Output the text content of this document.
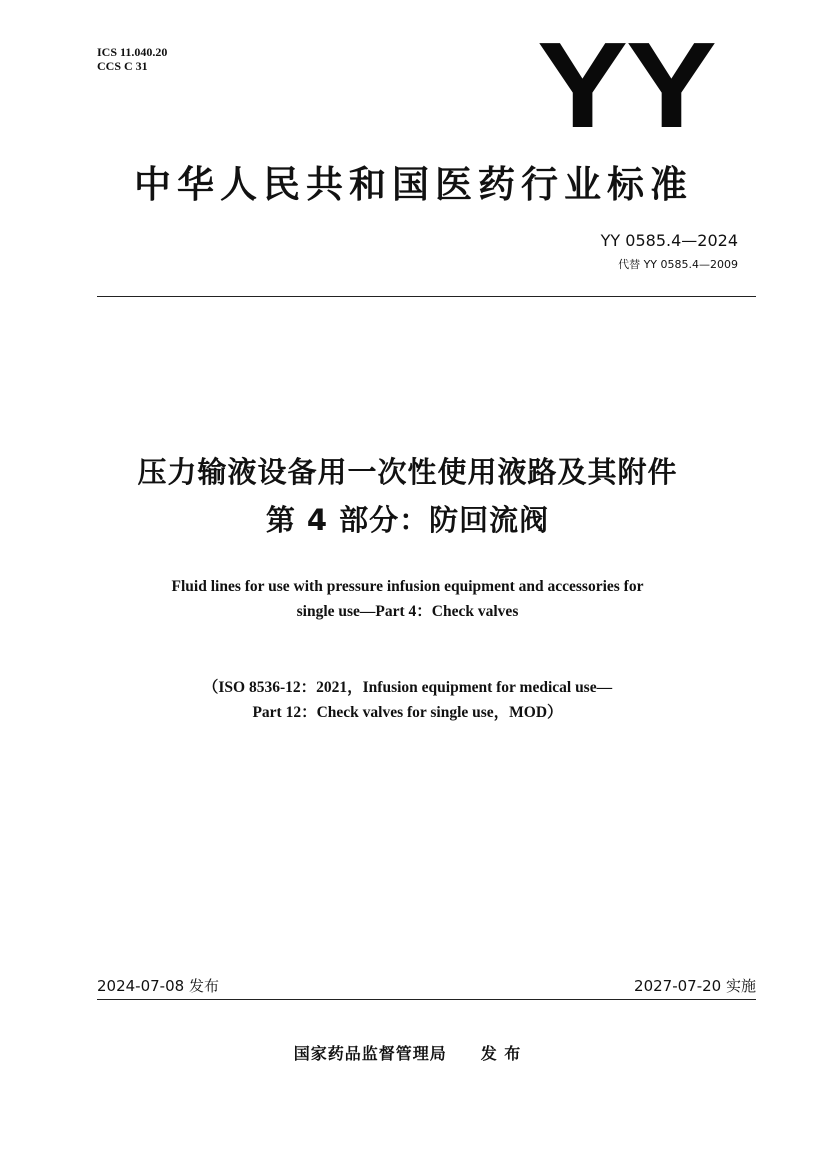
ICS 11.040.20
CCS C 31	YY
中华人民共和国医药行业标准
YY 0585.4—2024
代替 YY 0585.4—2009
压力输液设备用一次性使用液路及其附件
第 4 部分：防回流阀
Fluid lines for use with pressure infusion equipment and accessories for
single use—Part 4：Check valves
（ISO 8536-12：2021，Infusion equipment for medical use—
Part 12：Check valves for single use，MOD）
2024-07-08 发布	2027-07-20 实施
国家药品监督管理局 发 布
